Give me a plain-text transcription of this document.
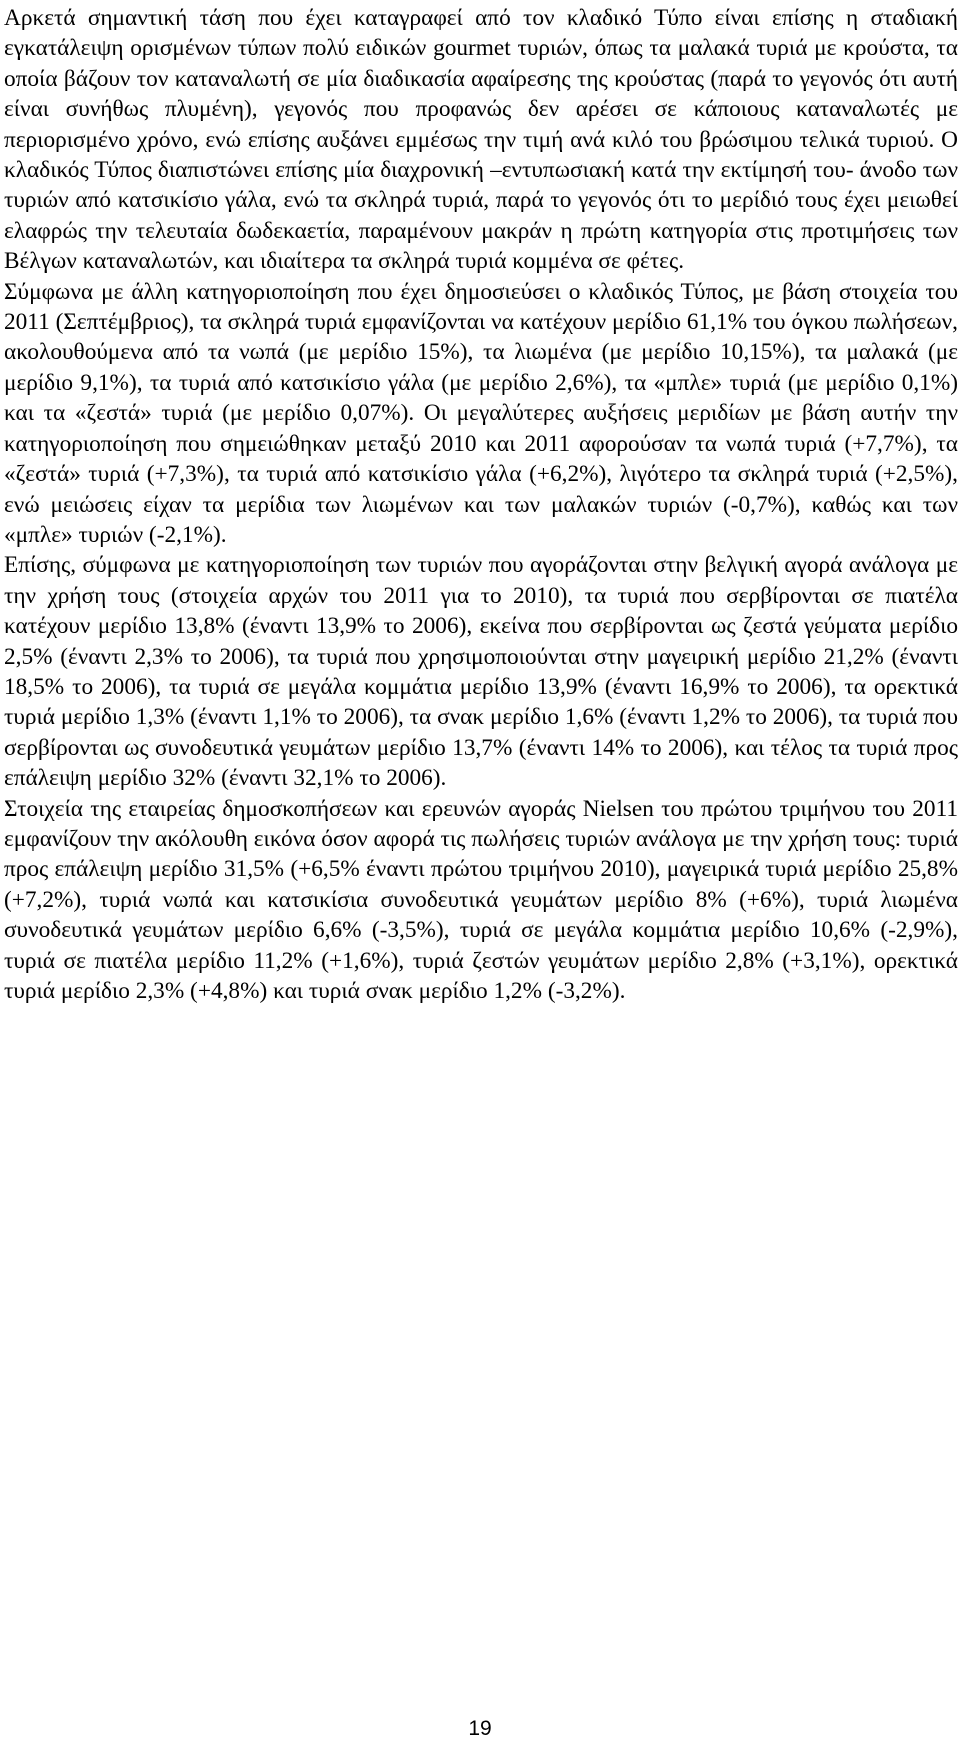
Αρκετά σημαντική τάση που έχει καταγραφεί από τον κλαδικό Τύπο είναι επίσης η σταδιακή εγκατάλειψη ορισμένων τύπων πολύ ειδικών gourmet τυριών, όπως τα μαλακά τυριά με κρούστα, τα οποία βάζουν τον καταναλωτή σε μία διαδικασία αφαίρεσης της κρούστας (παρά το γεγονός ότι αυτή είναι συνήθως πλυμένη), γεγονός που προφανώς δεν αρέσει σε κάποιους καταναλωτές με περιορισμένο χρόνο, ενώ επίσης αυξάνει εμμέσως την τιμή ανά κιλό του βρώσιμου τελικά τυριού. Ο κλαδικός Τύπος διαπιστώνει επίσης μία διαχρονική –εντυπωσιακή κατά την εκτίμησή του- άνοδο των τυριών από κατσικίσιο γάλα, ενώ τα σκληρά τυριά, παρά το γεγονός ότι το μερίδιό τους έχει μειωθεί ελαφρώς την τελευταία δωδεκαετία, παραμένουν μακράν η πρώτη κατηγορία στις προτιμήσεις των Βέλγων καταναλωτών, και ιδιαίτερα τα σκληρά τυριά κομμένα σε φέτες.

Σύμφωνα με άλλη κατηγοριοποίηση που έχει δημοσιεύσει ο κλαδικός Τύπος, με βάση στοιχεία του 2011 (Σεπτέμβριος), τα σκληρά τυριά εμφανίζονται να κατέχουν μερίδιο 61,1% του όγκου πωλήσεων, ακολουθούμενα από τα νωπά (με μερίδιο 15%), τα λιωμένα (με μερίδιο 10,15%), τα μαλακά (με μερίδιο 9,1%), τα τυριά από κατσικίσιο γάλα (με μερίδιο 2,6%), τα «μπλε» τυριά (με μερίδιο 0,1%) και τα «ζεστά» τυριά (με μερίδιο 0,07%). Οι μεγαλύτερες αυξήσεις μεριδίων με βάση αυτήν την κατηγοριοποίηση που σημειώθηκαν μεταξύ 2010 και 2011 αφορούσαν τα νωπά τυριά (+7,7%), τα «ζεστά» τυριά (+7,3%), τα τυριά από κατσικίσιο γάλα (+6,2%), λιγότερο τα σκληρά τυριά (+2,5%), ενώ μειώσεις είχαν τα μερίδια των λιωμένων και των μαλακών τυριών (-0,7%), καθώς και των «μπλε» τυριών (-2,1%).

Επίσης, σύμφωνα με κατηγοριοποίηση των τυριών που αγοράζονται στην βελγική αγορά ανάλογα με την χρήση τους (στοιχεία αρχών του 2011 για το 2010), τα τυριά που σερβίρονται σε πιατέλα κατέχουν μερίδιο 13,8% (έναντι 13,9% το 2006), εκείνα που σερβίρονται ως ζεστά γεύματα μερίδιο 2,5% (έναντι 2,3% το 2006), τα τυριά που χρησιμοποιούνται στην μαγειρική μερίδιο 21,2% (έναντι 18,5% το 2006), τα τυριά σε μεγάλα κομμάτια μερίδιο 13,9% (έναντι 16,9% το 2006), τα ορεκτικά τυριά μερίδιο 1,3% (έναντι 1,1% το 2006), τα σνακ μερίδιο 1,6% (έναντι 1,2% το 2006), τα τυριά που σερβίρονται ως συνοδευτικά γευμάτων μερίδιο 13,7% (έναντι 14% το 2006), και τέλος τα τυριά προς επάλειψη μερίδιο 32% (έναντι 32,1% το 2006).

Στοιχεία της εταιρείας δημοσκοπήσεων και ερευνών αγοράς Nielsen του πρώτου τριμήνου του 2011 εμφανίζουν την ακόλουθη εικόνα όσον αφορά τις πωλήσεις τυριών ανάλογα με την χρήση τους: τυριά προς επάλειψη μερίδιο 31,5% (+6,5% έναντι πρώτου τριμήνου 2010), μαγειρικά τυριά μερίδιο 25,8% (+7,2%), τυριά νωπά και κατσικίσια συνοδευτικά γευμάτων μερίδιο 8% (+6%), τυριά λιωμένα συνοδευτικά γευμάτων μερίδιο 6,6% (-3,5%), τυριά σε μεγάλα κομμάτια μερίδιο 10,6% (-2,9%), τυριά σε πιατέλα μερίδιο 11,2% (+1,6%), τυριά ζεστών γευμάτων μερίδιο 2,8% (+3,1%), ορεκτικά τυριά μερίδιο 2,3% (+4,8%) και τυριά σνακ μερίδιο 1,2% (-3,2%).

19
